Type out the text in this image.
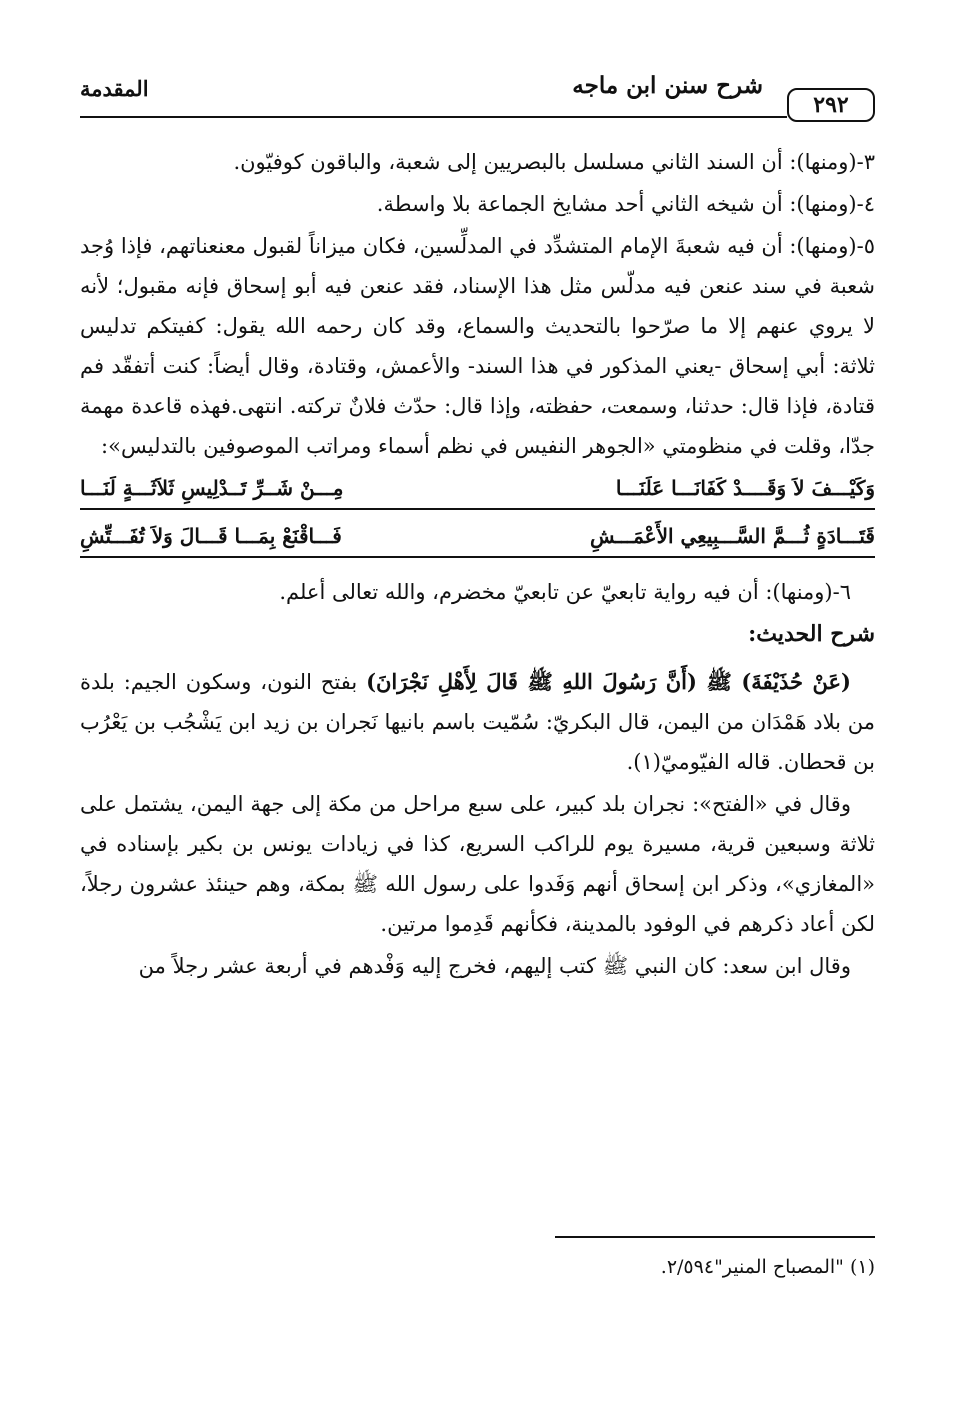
المقدمة	شرح سنن ابن ماجه
٢٩٢

٣-(ومنها): أن السند الثاني مسلسل بالبصريين إلى شعبة، والباقون كوفيّون.

٤-(ومنها): أن شيخه الثاني أحد مشايخ الجماعة بلا واسطة.

٥-(ومنها): أن فيه شعبةَ الإمام المتشدِّد في المدلِّسين، فكان ميزاناً لقبول معنعناتهم، فإذا وُجد شعبة في سند عنعن فيه مدلّس مثل هذا الإسناد، فقد عنعن فيه أبو إسحاق فإنه مقبول؛ لأنه لا يروي عنهم إلا ما صرّحوا بالتحديث والسماع، وقد كان رحمه الله يقول: كفيتكم تدليس ثلاثة: أبي إسحاق -يعني المذكور في هذا السند- والأعمش، وقتادة، وقال أيضاً: كنت أتفقّد فم قتادة، فإذا قال: حدثنا، وسمعت، حفظته، وإذا قال: حدّث فلانٌ تركته. انتهى.فهذه قاعدة مهمة جدّا، وقلت في منظومتي «الجوهر النفيس في نظم أسماء ومراتب الموصوفين بالتدليس»:

وَكَيْـــفَ لاَ وَقَــــدْ كَفَانَـــا عَلَنَـــا
مِـــنْ شَــرِّ تَــدْلِيسِ ثَلاَثَـــةٍ لَنَـــا
قَتَـــادَةٍ ثُـــمَّ السَّـــبِيعِي الأَعْمَـــشِ
فَـــاقْنَعْ بِمَـــا قَـــالَ وَلاَ تُفَـــتِّشِ

٦-(ومنها): أن فيه رواية تابعيّ عن تابعيّ مخضرم، والله تعالى أعلم.

شرح الحديث:

(عَنْ حُذَيْفَةَ) ﷺ (أَنَّ رَسُولَ اللهِ ﷺ قَالَ لِأَهْلِ نَجْرَانَ) بفتح النون، وسكون الجيم: بلدة من بلاد هَمْدَان من اليمن، قال البكريّ: سُمّيت باسم بانيها نَجران بن زيد ابن يَشْجُب بن يَعْرُب بن قحطان. قاله الفيّوميّ(١).

وقال في «الفتح»: نجران بلد كبير، على سبع مراحل من مكة إلى جهة اليمن، يشتمل على ثلاثة وسبعين قرية، مسيرة يوم للراكب السريع، كذا في زيادات يونس بن بكير بإسناده في «المغازي»، وذكر ابن إسحاق أنهم وَفَدوا على رسول الله ﷺ بمكة، وهم حينئذ عشرون رجلاً، لكن أعاد ذكرهم في الوفود بالمدينة، فكأنهم قَدِموا مرتين.

وقال ابن سعد: كان النبي ﷺ كتب إليهم، فخرج إليه وَفْدهم في أربعة عشر رجلاً من

(١) "المصباح المنير"٢/٥٩٤.
